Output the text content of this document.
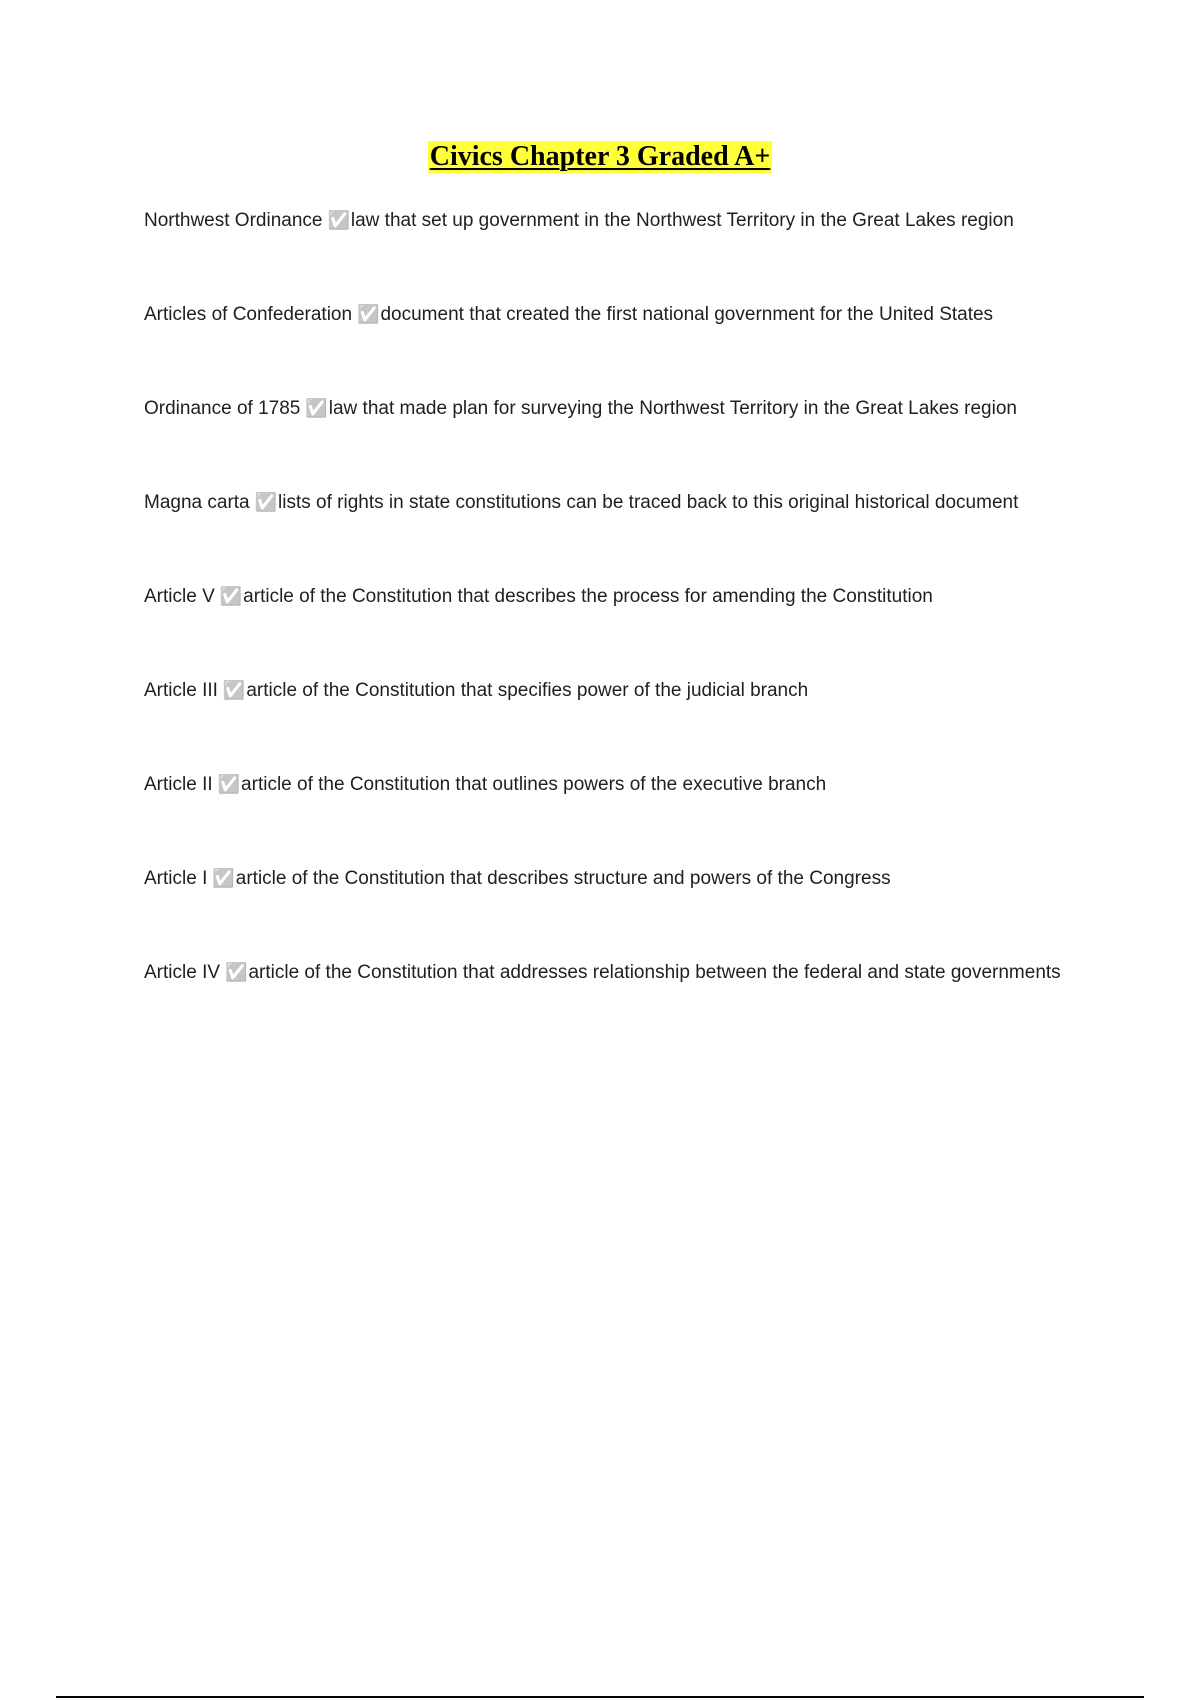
Civics Chapter 3 Graded A+
Northwest Ordinance ✅law that set up government in the Northwest Territory in the Great Lakes region
Articles of Confederation ✅document that created the first national government for the United States
Ordinance of 1785 ✅law that made plan for surveying the Northwest Territory in the Great Lakes region
Magna carta ✅lists of rights in state constitutions can be traced back to this original historical document
Article V ✅article of the Constitution that describes the process for amending the Constitution
Article III ✅article of the Constitution that specifies power of the judicial branch
Article II ✅article of the Constitution that outlines powers of the executive branch
Article I ✅article of the Constitution that describes structure and powers of the Congress
Article IV ✅article of the Constitution that addresses relationship between the federal and state governments
